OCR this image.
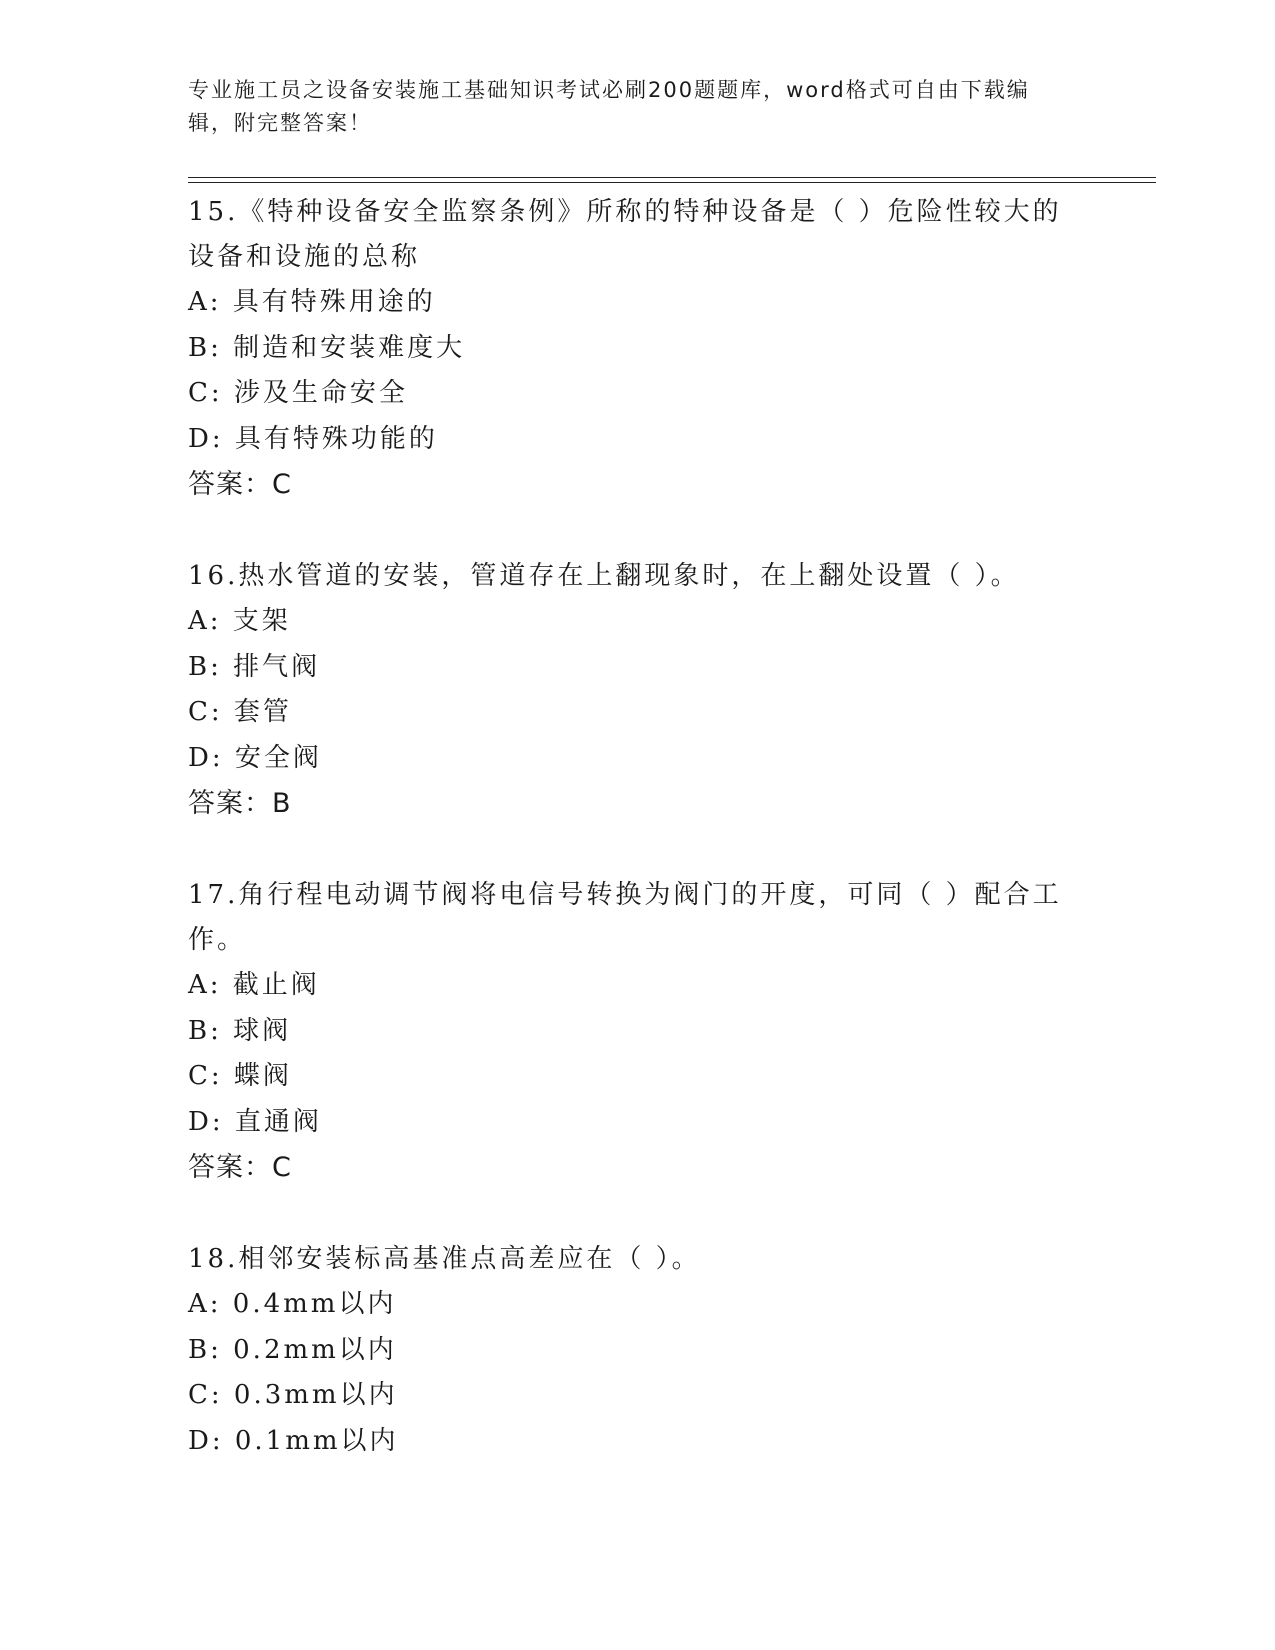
专业施工员之设备安装施工基础知识考试必刷200题题库，word格式可自由下载编辑，附完整答案！
15.《特种设备安全监察条例》所称的特种设备是（ ）危险性较大的设备和设施的总称
A: 具有特殊用途的
B: 制造和安装难度大
C: 涉及生命安全
D: 具有特殊功能的
答案：C
16.热水管道的安装，管道存在上翻现象时，在上翻处设置（ ）。
A: 支架
B: 排气阀
C: 套管
D: 安全阀
答案：B
17.角行程电动调节阀将电信号转换为阀门的开度，可同（ ）配合工作。
A: 截止阀
B: 球阀
C: 蝶阀
D: 直通阀
答案：C
18.相邻安装标高基准点高差应在（ ）。
A: 0.4mm以内
B: 0.2mm以内
C: 0.3mm以内
D: 0.1mm以内
